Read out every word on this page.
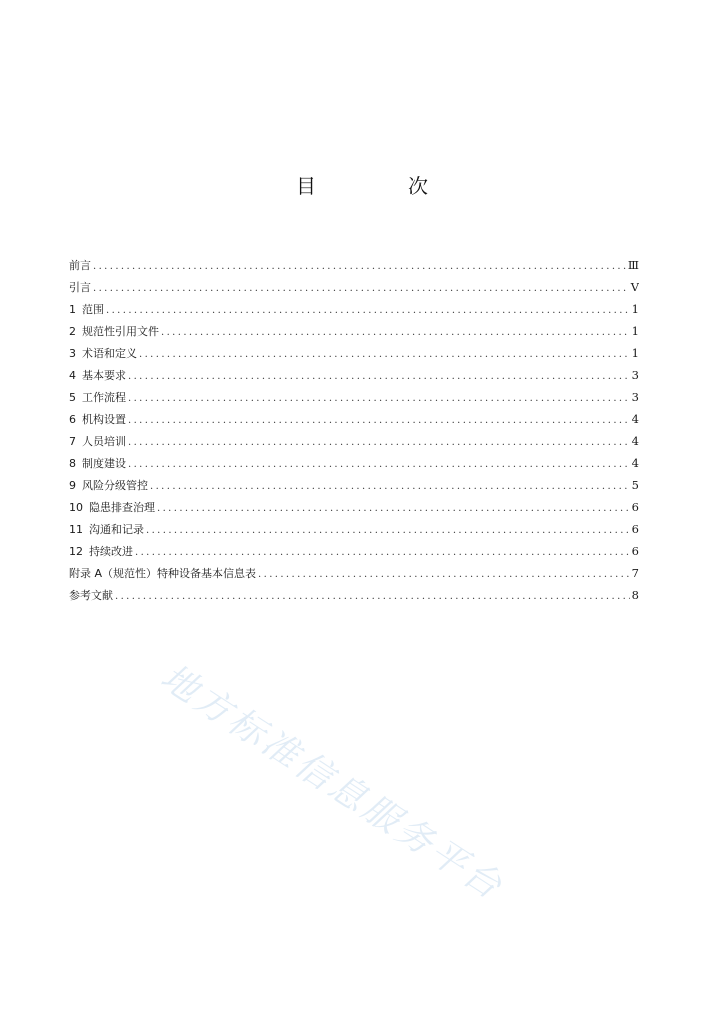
目　次
前言 .....	Ⅲ
引言 .....	Ⅴ
1 范围 .....	1
2 规范性引用文件 .....	1
3 术语和定义 .....	1
4 基本要求 .....	3
5 工作流程 .....	3
6 机构设置 .....	4
7 人员培训 .....	4
8 制度建设 .....	4
9 风险分级管控 .....	5
10 隐患排查治理 .....	6
11 沟通和记录 .....	6
12 持续改进 .....	6
附录 A（规范性）特种设备基本信息表 .....	7
参考文献 .....	8
地方标准信息服务平台
